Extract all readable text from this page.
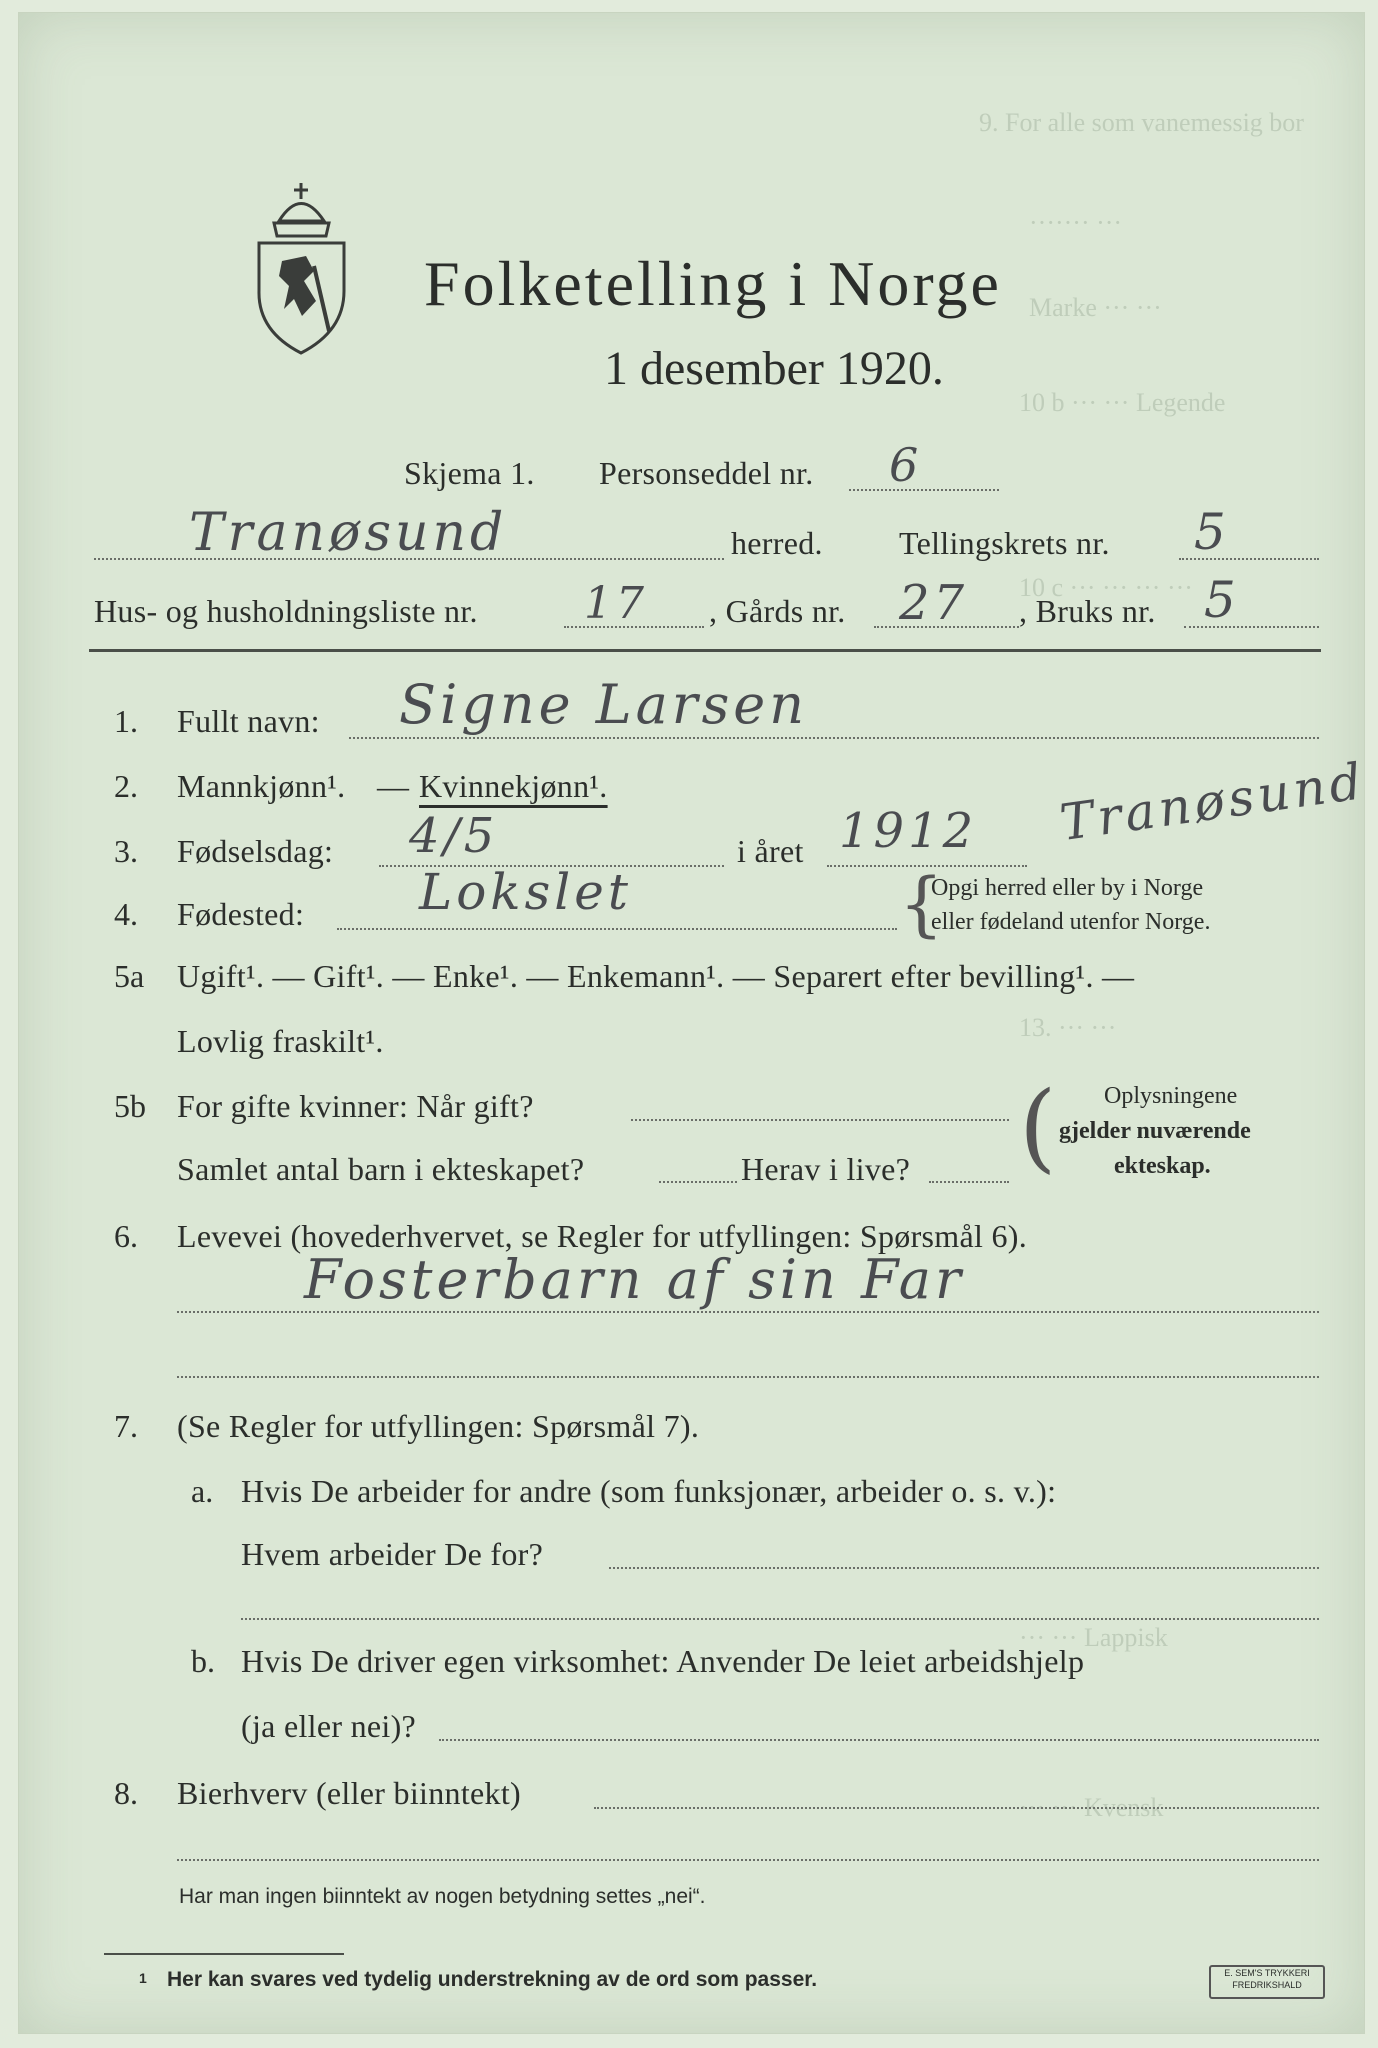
9. For alle som vanemessig bor
······· ···
Marke ··· ···
10 b ··· ··· Legende
10 c ··· ··· ··· ···
13. ··· ···
··· ··· Lappisk
··· ··· Kvensk
Folketelling i Norge
1 desember 1920.
Skjema 1. Personseddel nr. 6
Tranøsund	herred. Tellingskrets nr. 5
Hus- og husholdningsliste nr. 17 , Gårds nr. 27 , Bruks nr. 5
1. Fullt navn: Signe Larsen
2. Mannkjønn¹. — Kvinnekjønn¹.
3. Fødselsdag: 4/5	i året 1912 Tranøsund
4. Fødested: Lokslet	{
Opgi herred eller by i Norge
eller fødeland utenfor Norge.
5a Ugift¹. — Gift¹. — Enke¹. — Enkemann¹. — Separert efter bevilling¹. —
Lovlig fraskilt¹.
5b For gifte kvinner: Når gift?
Samlet antal barn i ekteskapet?	Herav i live? ( Oplysningene
gjelder nuværende
ekteskap.
6. Levevei (hovederhvervet, se Regler for utfyllingen: Spørsmål 6).
Fosterbarn af sin Far
7. (Se Regler for utfyllingen: Spørsmål 7).
a. Hvis De arbeider for andre (som funksjonær, arbeider o. s. v.):
Hvem arbeider De for?
b. Hvis De driver egen virksomhet: Anvender De leiet arbeidshjelp
(ja eller nei)?
8. Bierhverv (eller biinntekt)
Har man ingen biinntekt av nogen betydning settes „nei“.
1 Her kan svares ved tydelig understrekning av de ord som passer.	E. SEM'S TRYKKERI
FREDRIKSHALD
